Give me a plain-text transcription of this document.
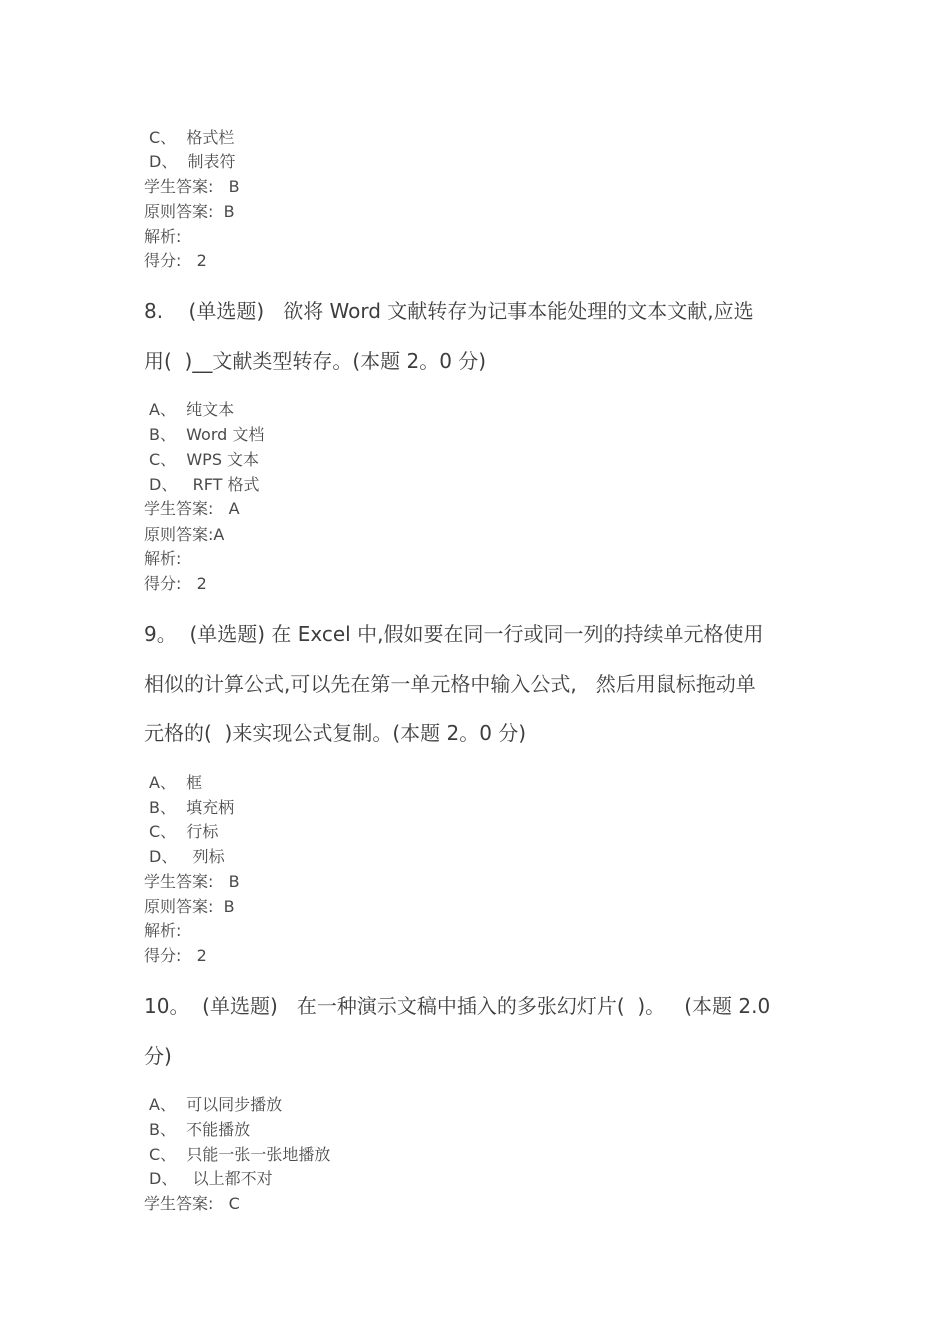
C、  格式栏
D、  制表符
学生答案:   B
原则答案:  B
解析:
得分:   2
8.    (单选题)   欲将 Word 文献转存为记事本能处理的文本文献,应选
用(  )__文献类型转存。(本题 2。0 分)
A、  纯文本
B、  Word 文档
C、  WPS 文本
D、   RFT 格式
学生答案:   A
原则答案:A
解析:
得分:   2
9。  (单选题) 在 Excel 中,假如要在同一行或同一列的持续单元格使用
相似的计算公式,可以先在第一单元格中输入公式,   然后用鼠标拖动单
元格的(  )来实现公式复制。(本题 2。0 分)
A、  框
B、  填充柄
C、  行标
D、   列标
学生答案:   B
原则答案:  B
解析:
得分:   2
10。  (单选题)   在一种演示文稿中插入的多张幻灯片(  )。   (本题 2.0
分)
A、  可以同步播放
B、  不能播放
C、  只能一张一张地播放
D、   以上都不对
学生答案:   C
